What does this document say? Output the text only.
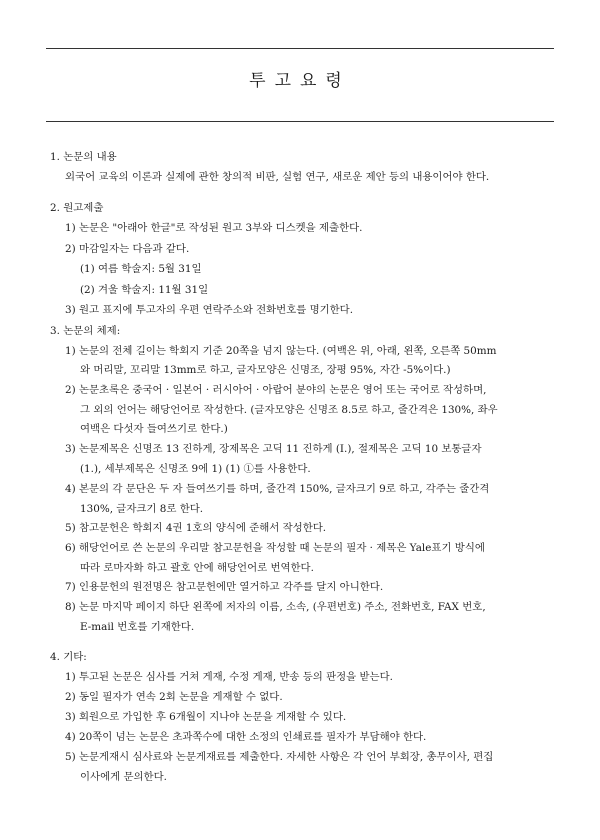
투고요령
1. 논문의 내용
외국어 교육의 이론과 실제에 관한 창의적 비판, 실험 연구, 새로운 제안 등의 내용이어야 한다.
2. 원고제출
1) 논문은 "아래아 한글"로 작성된 원고 3부와 디스켓을 제출한다.
2) 마감일자는 다음과 같다.
(1) 여름 학술지: 5월 31일
(2) 겨울 학술지: 11월 31일
3) 원고 표지에 투고자의 우편 연락주소와 전화번호를 명기한다.
3. 논문의 체제:
1) 논문의 전체 길이는 학회지 기준 20쪽을 넘지 않는다. (여백은 위, 아래, 왼쪽, 오른쪽 50mm
와 머리말, 꼬리말 13mm로 하고, 글자모양은 신명조, 장평 95%, 자간 -5%이다.)
2) 논문초록은 중국어 · 일본어 · 러시아어 · 아랍어 분야의 논문은 영어 또는 국어로 작성하며,
그 외의 언어는 해당언어로 작성한다. (글자모양은 신명조 8.5로 하고, 줄간격은 130%, 좌우
여백은 다섯자 들여쓰기로 한다.)
3) 논문제목은 신명조 13 진하게, 장제목은 고딕 11 진하게 (I.), 절제목은 고딕 10 보통글자
(1.), 세부제목은 신명조 9에 1) (1) ①를 사용한다.
4) 본문의 각 문단은 두 자 들여쓰기를 하며, 줄간격 150%, 글자크기 9로 하고, 각주는 줄간격
130%, 글자크기 8로 한다.
5) 참고문헌은 학회지 4권 1호의 양식에 준해서 작성한다.
6) 해당언어로 쓴 논문의 우리말 참고문헌을 작성할 때 논문의 필자 · 제목은 Yale표기 방식에
따라 로마자화 하고 괄호 안에 해당언어로 번역한다.
7) 인용문헌의 원전명은 참고문헌에만 열거하고 각주를 달지 아니한다.
8) 논문 마지막 페이지 하단 왼쪽에 저자의 이름, 소속, (우편번호) 주소, 전화번호, FAX 번호,
E-mail 번호를 기재한다.
4. 기타:
1) 투고된 논문은 심사를 거쳐 게재, 수정 게재, 반송 등의 판정을 받는다.
2) 동일 필자가 연속 2회 논문을 게재할 수 없다.
3) 회원으로 가입한 후 6개월이 지나야 논문을 게재할 수 있다.
4) 20쪽이 넘는 논문은 초과쪽수에 대한 소정의 인쇄료를 필자가 부담해야 한다.
5) 논문게재시 심사료와 논문게재료를 제출한다. 자세한 사항은 각 언어 부회장, 총무이사, 편집
이사에게 문의한다.
